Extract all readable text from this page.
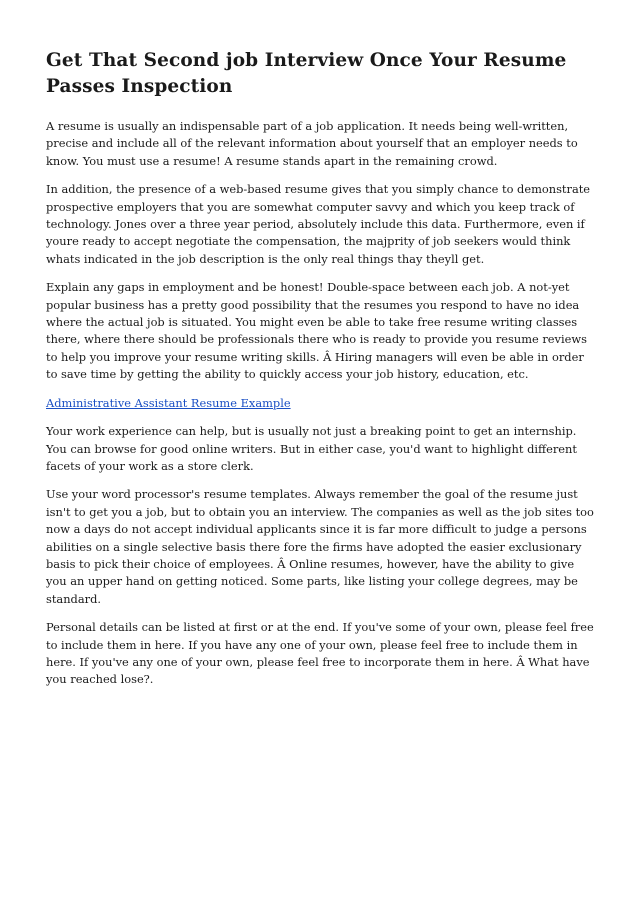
Get That Second job Interview Once Your Resume Passes Inspection

A resume is usually an indispensable part of a job application. It needs being well-written, precise and include all of the relevant information about yourself that an employer needs to know. You must use a resume! A resume stands apart in the remaining crowd.

In addition, the presence of a web-based resume gives that you simply chance to demonstrate prospective employers that you are somewhat computer savvy and which you keep track of technology. Jones over a three year period, absolutely include this data. Furthermore, even if youre ready to accept negotiate the compensation, the majprity of job seekers would think whats indicated in the job description is the only real things thay theyll get.

Explain any gaps in employment and be honest! Double-space between each job. A not-yet popular business has a pretty good possibility that the resumes you respond to have no idea where the actual job is situated. You might even be able to take free resume writing classes there, where there should be professionals there who is ready to provide you resume reviews to help you improve your resume writing skills. Â Hiring managers will even be able in order to save time by getting the ability to quickly access your job history, education, etc.

Administrative Assistant Resume Example

Your work experience can help, but is usually not just a breaking point to get an internship. You can browse for good online writers. But in either case, you'd want to highlight different facets of your work as a store clerk.

Use your word processor's resume templates. Always remember the goal of the resume just isn't to get you a job, but to obtain you an interview. The companies as well as the job sites too now a days do not accept individual applicants since it is far more difficult to judge a persons abilities on a single selective basis there fore the firms have adopted the easier exclusionary basis to pick their choice of employees. Â Online resumes, however, have the ability to give you an upper hand on getting noticed. Some parts, like listing your college degrees, may be standard.

Personal details can be listed at first or at the end. If you've some of your own, please feel free to include them in here. If you have any one of your own, please feel free to include them in here. If you've any one of your own, please feel free to incorporate them in here. Â What have you reached lose?.
